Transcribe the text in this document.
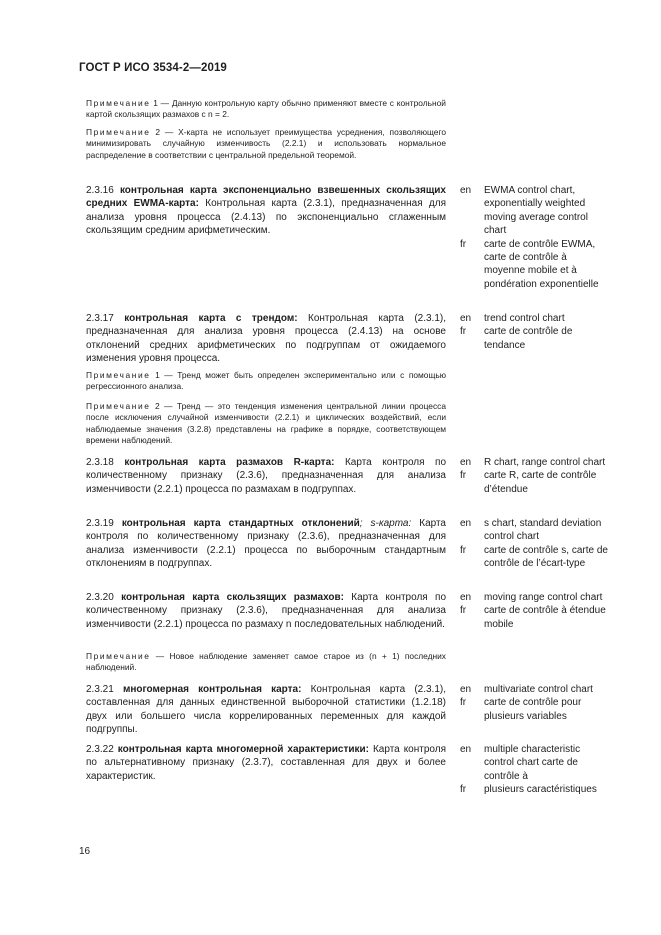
ГОСТ Р ИСО 3534-2—2019
Примечание 1 — Данную контрольную карту обычно применяют вместе с контрольной картой скользящих размахов с n = 2.
Примечание 2 — X-карта не использует преимущества усреднения, позволяющего минимизировать случайную изменчивость (2.2.1) и использовать нормальное распределение в соответствии с центральной предельной теоремой.
2.3.16 контрольная карта экспоненциально взвешенных скользящих средних EWMA-карта: Контрольная карта (2.3.1), предназначенная для анализа уровня процесса (2.4.13) по экспоненциально сглаженным скользящим средним арифметическим.
en	EWMA control chart, exponentially weighted moving average control chart
fr	carte de contrôle EWMA, carte de contrôle à moyenne mobile et à pondération exponentielle
2.3.17 контрольная карта с трендом: Контрольная карта (2.3.1), предназначенная для анализа уровня процесса (2.4.13) на основе отклонений средних арифметических по подгруппам от ожидаемого изменения уровня процесса.
en	trend control chart
fr	carte de contrôle de tendance
Примечание 1 — Тренд может быть определен экспериментально или с помощью регрессионного анализа.
Примечание 2 — Тренд — это тенденция изменения центральной линии процесса после исключения случайной изменчивости (2.2.1) и циклических воздействий, если наблюдаемые значения (3.2.8) представлены на графике в порядке, соответствующем времени наблюдений.
2.3.18 контрольная карта размахов R-карта: Карта контроля по количественному признаку (2.3.6), предназначенная для анализа изменчивости (2.2.1) процесса по размахам в подгруппах.
en	R chart, range control chart
fr	carte R, carte de contrôle d’étendue
2.3.19 контрольная карта стандартных отклонений; s-карта: Карта контроля по количественному признаку (2.3.6), предназначенная для анализа изменчивости (2.2.1) процесса по выборочным стандартным отклонениям в подгруппах.
en	s chart, standard deviation control chart
fr	carte de contrôle s, carte de contrôle de l’écart-type
2.3.20 контрольная карта скользящих размахов: Карта контроля по количественному признаку (2.3.6), предназначенная для анализа изменчивости (2.2.1) процесса по размаху n последовательных наблюдений.
en	moving range control chart
fr	carte de contrôle à étendue mobile
Примечание — Новое наблюдение заменяет самое старое из (n + 1) последних наблюдений.
2.3.21 многомерная контрольная карта: Контрольная карта (2.3.1), составленная для данных единственной выборочной статистики (1.2.18) двух или большего числа коррелированных переменных для каждой подгруппы.
en	multivariate control chart
fr	carte de contrôle pour plusieurs variables
2.3.22 контрольная карта многомерной характеристики: Карта контроля по альтернативному признаку (2.3.7), составленная для двух и более характеристик.
en	multiple characteristic control chart carte de contrôle à
fr	plusieurs caractéristiques
16
